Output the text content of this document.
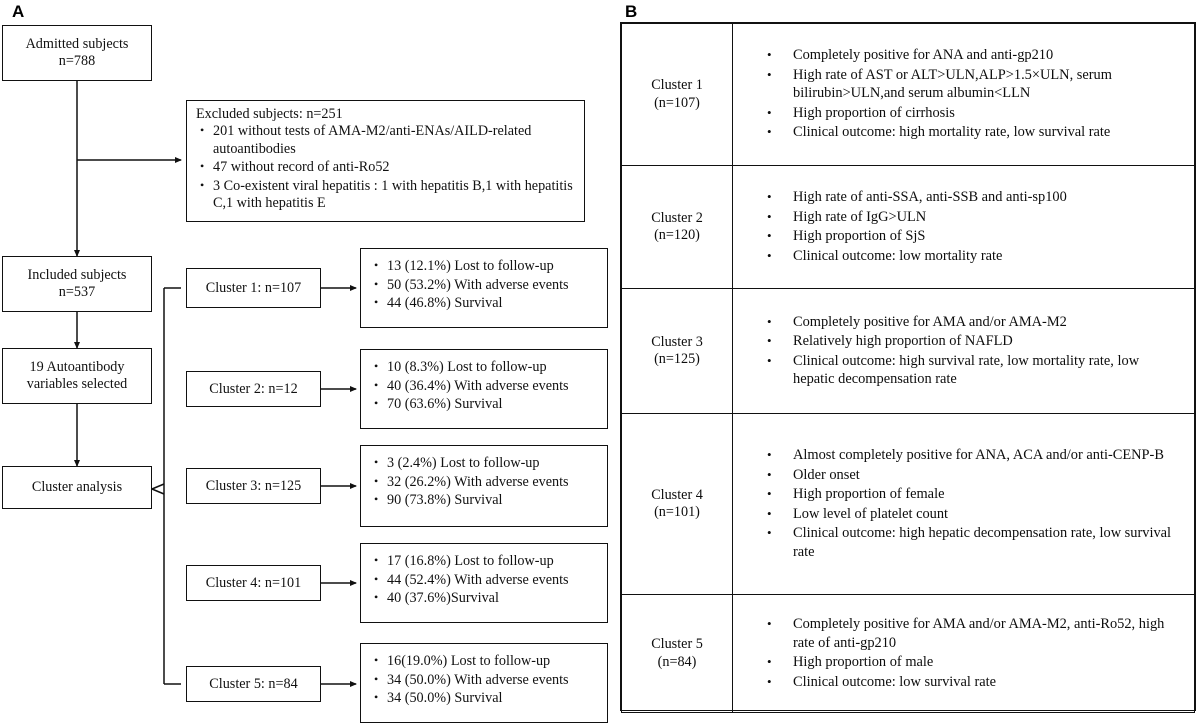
A	B
Admitted subjects
n=788
Excluded subjects: n=251
• 201 without tests of AMA-M2/anti-ENAs/AILD-related autoantibodies
• 47 without record of anti-Ro52
• 3 Co-existent viral hepatitis : 1 with hepatitis B,1 with hepatitis C,1 with hepatitis E
Included subjects
n=537
19 Autoantibody
variables selected
Cluster analysis
Cluster 1: n=107
Cluster 2: n=12
Cluster 3: n=125
Cluster 4: n=101
Cluster 5: n=84
• 13 (12.1%) Lost to follow-up
• 50 (53.2%) With adverse events
• 44 (46.8%) Survival
• 10 (8.3%) Lost to follow-up
• 40 (36.4%) With adverse events
• 70 (63.6%) Survival
• 3 (2.4%) Lost to follow-up
• 32 (26.2%) With adverse events
• 90 (73.8%) Survival
• 17 (16.8%) Lost to follow-up
• 44 (52.4%) With adverse events
• 40 (37.6%)Survival
• 16(19.0%) Lost to follow-up
• 34 (50.0%) With adverse events
• 34 (50.0%) Survival
Cluster 1
(n=107)

• Completely positive for ANA and anti-gp210
• High rate of AST or ALT>ULN,ALP>1.5×ULN, serum bilirubin>ULN,and serum albumin<LLN
• High proportion of cirrhosis
• Clinical outcome: high mortality rate, low survival rate

Cluster 2
(n=120)

• High rate of anti-SSA, anti-SSB and anti-sp100
• High rate of IgG>ULN
• High proportion of SjS
• Clinical outcome: low mortality rate

Cluster 3
(n=125)

• Completely positive for AMA and/or AMA-M2
• Relatively high proportion of NAFLD
• Clinical outcome: high survival rate, low mortality rate, low hepatic decompensation rate

Cluster 4
(n=101)

• Almost completely positive for ANA, ACA and/or anti-CENP-B
• Older onset
• High proportion of female
• Low level of platelet count
• Clinical outcome: high hepatic decompensation rate, low survival rate

Cluster 5
(n=84)

• Completely positive for AMA and/or AMA-M2, anti-Ro52, high rate of anti-gp210
• High proportion of male
• Clinical outcome: low survival rate
